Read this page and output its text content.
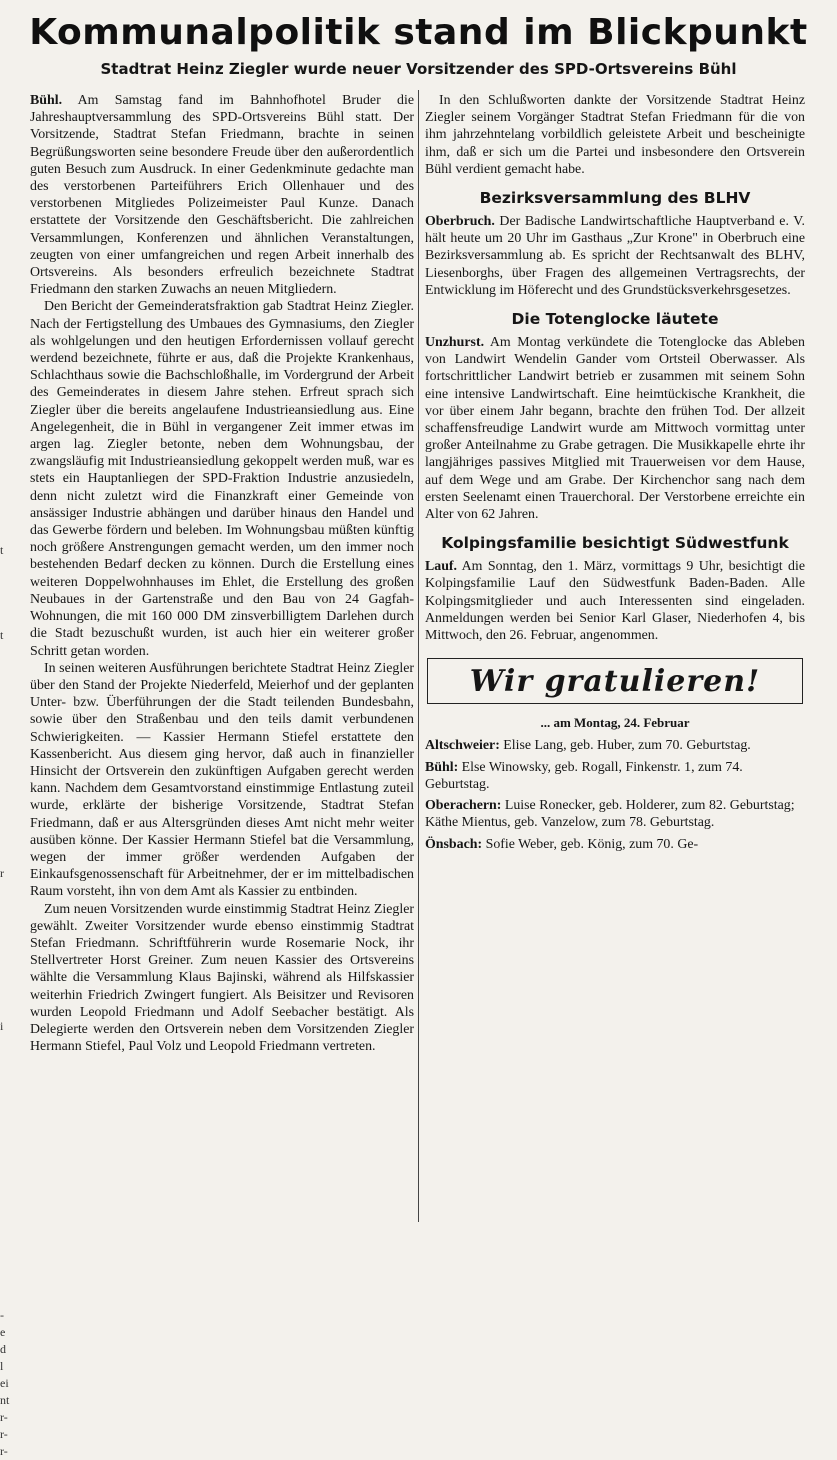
t
t
r
i
-
e
d
l
ei
nt
r-
r-
r-
Kommunalpolitik stand im Blickpunkt
Stadtrat Heinz Ziegler wurde neuer Vorsitzender des SPD-Ortsvereins Bühl

Bühl. Am Samstag fand im Bahnhofhotel Bruder die Jahreshauptversammlung des SPD-Ortsvereins Bühl statt. Der Vorsitzende, Stadtrat Stefan Friedmann, brachte in seinen Begrüßungsworten seine besondere Freude über den außerordentlich guten Besuch zum Ausdruck. In einer Gedenkminute gedachte man des verstorbenen Parteiführers Erich Ollenhauer und des verstorbenen Mitgliedes Polizeimeister Paul Kunze. Danach erstattete der Vorsitzende den Geschäftsbericht. Die zahlreichen Versammlungen, Konferenzen und ähnlichen Veranstaltungen, zeugten von einer umfangreichen und regen Arbeit innerhalb des Ortsvereins. Als besonders erfreulich bezeichnete Stadtrat Friedmann den starken Zuwachs an neuen Mitgliedern.

Den Bericht der Gemeinderatsfraktion gab Stadtrat Heinz Ziegler. Nach der Fertigstellung des Umbaues des Gymnasiums, den Ziegler als wohlgelungen und den heutigen Erfordernissen vollauf gerecht werdend bezeichnete, führte er aus, daß die Projekte Krankenhaus, Schlachthaus sowie die Bachschloßhalle, im Vordergrund der Arbeit des Gemeinderates in diesem Jahre stehen. Erfreut sprach sich Ziegler über die bereits angelaufene Industrieansiedlung aus. Eine Angelegenheit, die in Bühl in vergangener Zeit immer etwas im argen lag. Ziegler betonte, neben dem Wohnungsbau, der zwangsläufig mit Industrieansiedlung gekoppelt werden muß, war es stets ein Hauptanliegen der SPD-Fraktion Industrie anzusiedeln, denn nicht zuletzt wird die Finanzkraft einer Gemeinde von ansässiger Industrie abhängen und darüber hinaus den Handel und das Gewerbe fördern und beleben. Im Wohnungsbau müßten künftig noch größere Anstrengungen gemacht werden, um den immer noch bestehenden Bedarf decken zu können. Durch die Erstellung eines weiteren Doppelwohnhauses im Ehlet, die Erstellung des großen Neubaues in der Gartenstraße und den Bau von 24 Gagfah-Wohnungen, die mit 160 000 DM zinsverbilligtem Darlehen durch die Stadt bezuschußt wurden, ist auch hier ein weiterer großer Schritt getan worden.

In seinen weiteren Ausführungen berichtete Stadtrat Heinz Ziegler über den Stand der Projekte Niederfeld, Meierhof und der geplanten Unter- bzw. Überführungen der die Stadt teilenden Bundesbahn, sowie über den Straßenbau und den teils damit verbundenen Schwierigkeiten. — Kassier Hermann Stiefel erstattete den Kassenbericht. Aus diesem ging hervor, daß auch in finanzieller Hinsicht der Ortsverein den zukünftigen Aufgaben gerecht werden kann. Nachdem dem Gesamtvorstand einstimmige Entlastung zuteil wurde, erklärte der bisherige Vorsitzende, Stadtrat Stefan Friedmann, daß er aus Altersgründen dieses Amt nicht mehr weiter ausüben könne. Der Kassier Hermann Stiefel bat die Versammlung, wegen der immer größer werdenden Aufgaben der Einkaufsgenossenschaft für Arbeitnehmer, der er im mittelbadischen Raum vorsteht, ihn von dem Amt als Kassier zu entbinden.

Zum neuen Vorsitzenden wurde einstimmig Stadtrat Heinz Ziegler gewählt. Zweiter Vorsitzender wurde ebenso einstimmig Stadtrat Stefan Friedmann. Schriftführerin wurde Rosemarie Nock, ihr Stellvertreter Horst Greiner. Zum neuen Kassier des Ortsvereins wählte die Versammlung Klaus Bajinski, während als Hilfskassier weiterhin Friedrich Zwingert fungiert. Als Beisitzer und Revisoren wurden Leopold Friedmann und Adolf Seebacher bestätigt. Als Delegierte werden den Ortsverein neben dem Vorsitzenden Ziegler Hermann Stiefel, Paul Volz und Leopold Friedmann vertreten.

In den Schlußworten dankte der Vorsitzende Stadtrat Heinz Ziegler seinem Vorgänger Stadtrat Stefan Friedmann für die von ihm jahrzehntelang vorbildlich geleistete Arbeit und bescheinigte ihm, daß er sich um die Partei und insbesondere den Ortsverein Bühl verdient gemacht habe.

Bezirksversammlung des BLHV

Oberbruch. Der Badische Landwirtschaftliche Hauptverband e. V. hält heute um 20 Uhr im Gasthaus „Zur Krone" in Oberbruch eine Bezirksversammlung ab. Es spricht der Rechtsanwalt des BLHV, Liesenborghs, über Fragen des allgemeinen Vertragsrechts, der Entwicklung im Höferecht und des Grundstücksverkehrsgesetzes.

Die Totenglocke läutete

Unzhurst. Am Montag verkündete die Totenglocke das Ableben von Landwirt Wendelin Gander vom Ortsteil Oberwasser. Als fortschrittlicher Landwirt betrieb er zusammen mit seinem Sohn eine intensive Landwirtschaft. Eine heimtückische Krankheit, die vor über einem Jahr begann, brachte den frühen Tod. Der allzeit schaffensfreudige Landwirt wurde am Mittwoch vormittag unter großer Anteilnahme zu Grabe getragen. Die Musikkapelle ehrte ihr langjähriges passives Mitglied mit Trauerweisen vor dem Hause, auf dem Wege und am Grabe. Der Kirchenchor sang nach dem ersten Seelenamt einen Trauerchoral. Der Verstorbene erreichte ein Alter von 62 Jahren.

Kolpingsfamilie besichtigt Südwestfunk

Lauf. Am Sonntag, den 1. März, vormittags 9 Uhr, besichtigt die Kolpingsfamilie Lauf den Südwestfunk Baden-Baden. Alle Kolpingsmitglieder und auch Interessenten sind eingeladen. Anmeldungen werden bei Senior Karl Glaser, Niederhofen 4, bis Mittwoch, den 26. Februar, angenommen.

Wir gratulieren!
... am Montag, 24. Februar
Altschweier: Elise Lang, geb. Huber, zum 70. Geburtstag.
Bühl: Else Winowsky, geb. Rogall, Finkenstr. 1, zum 74. Geburtstag.
Oberachern: Luise Ronecker, geb. Holderer, zum 82. Geburtstag; Käthe Mientus, geb. Vanzelow, zum 78. Geburtstag.
Önsbach: Sofie Weber, geb. König, zum 70. Ge-
